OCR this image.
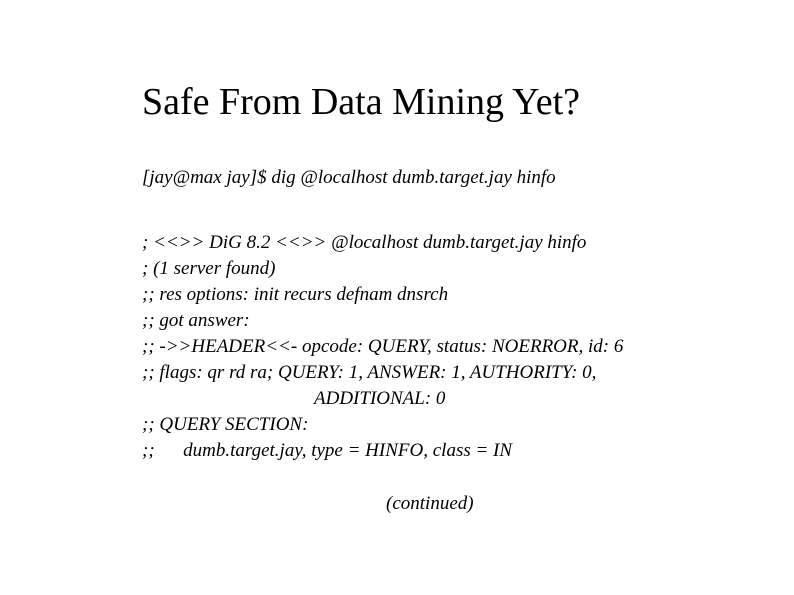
Safe From Data Mining Yet?
[jay@max jay]$ dig @localhost dumb.target.jay hinfo
; <<>> DiG 8.2 <<>> @localhost dumb.target.jay hinfo
; (1 server found)
;; res options: init recurs defnam dnsrch
;; got answer:
;; ->>HEADER<<- opcode: QUERY, status: NOERROR, id: 6
;; flags: qr rd ra; QUERY: 1, ANSWER: 1, AUTHORITY: 0,
ADDITIONAL: 0
;; QUERY SECTION:
;;      dumb.target.jay, type = HINFO, class = IN
(continued)
